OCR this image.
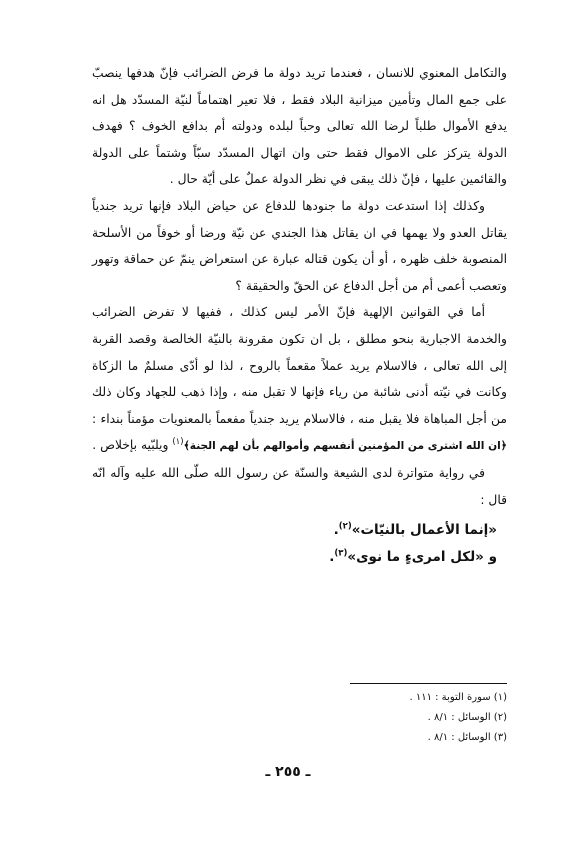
والتكامل المعنوي للانسان ، فعندما تريد دولة ما فرض الضرائب فإنّ هدفها ينصبّ على جمع المال وتأمين ميزانية البلاد فقط ، فلا تعير اهتماماً لنيّة المسدّد هل انه يدفع الأموال طلباً لرضا الله تعالى وحباً لبلده ودولته أم بدافع الخوف ؟ فهدف الدولة يتركز على الاموال فقط حتى وان اتهال المسدّد سبّاً وشتماً على الدولة والقائمين عليها ، فإنّ ذلك يبقى في نظر الدولة عملٌ على أيّة حال .

وكذلك إذا استدعت دولة ما جنودها للدفاع عن حياض البلاد فإنها تريد جندياً يقاتل العدو ولا يهمها في ان يقاتل هذا الجندي عن نيّة ورضا أو خوفاً من الأسلحة المنصوبة خلف ظهره ، أو أن يكون قتاله عبارة عن استعراض ينمّ عن حماقة وتهور وتعصب أعمى أم من أجل الدفاع عن الحقّ والحقيقة ؟

أما في القوانين الإلهية فإنّ الأمر ليس كذلك ، ففيها لا تفرض الضرائب والخدمة الاجبارية بنحو مطلق ، بل ان تكون مقرونة بالنيّة الخالصة وقصد القربة إلى الله تعالى ، فالاسلام يريد عملاً مقعماً بالروح ، لذا لو أدّى مسلمٌ ما الزكاة وكانت في نيّته أدنى شائبة من رياء فإنها لا تقبل منه ، وإذا ذهب للجهاد وكان ذلك من أجل المباهاة فلا يقبل منه ، فالاسلام يريد جندياً مفعماً بالمعنويات مؤمناً بنداء : ﴿ان الله اشترى من المؤمنين أنفسهم وأموالهم بأن لهم الجنة﴾$^{(١)}$ ويلبّيه بإخلاص .

في رواية متواترة لدى الشيعة والسنّة عن رسول الله صلّى الله عليه وآله انّه قال :

«إنما الأعمال بالنيّات»$^{(٢)}$.

و «لكل امرىءٍ ما نوى»$^{(٣)}$.

(١) سورة التوبة : ١١١ .

(٢) الوسائل : ٨/١ .

(٣) الوسائل : ٨/١ .

ـ ٢٥٥ ـ
